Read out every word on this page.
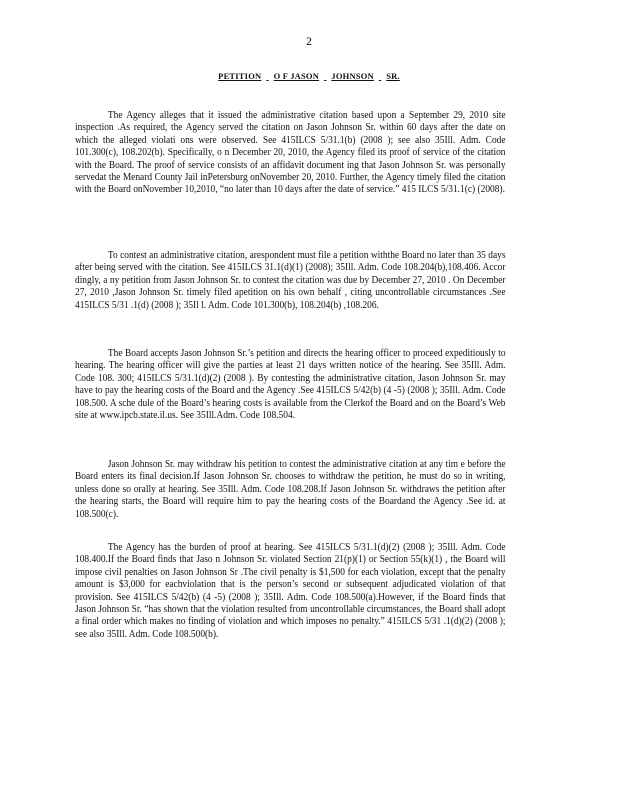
2
PETITION O F JASON JOHNSON SR.

The Agency alleges that it issued the administrative citation based upon a September 29, 2010 site inspection .As required, the Agency served the citation on Jason Johnson Sr. within 60 days after the date on which the alleged violati ons were observed. See 415ILCS 5/31.1(b) (2008 ); see also 35Ill. Adm. Code 101.300(c), 108.202(b). Specifically, o n December 20, 2010, the Agency filed its proof of service of the citation with the Board. The proof of service consists of an affidavit document ing that Jason Johnson Sr. was personally servedat the Menard County Jail inPetersburg onNovember 20, 2010. Further, the Agency timely filed the citation with the Board onNovember 10,2010, “no later than 10 days after the date of service.” 415 ILCS 5/31.1(c) (2008).

To contest an administrative citation, arespondent must file a petition withthe Board no later than 35 days after being served with the citation. See 415ILCS 31.1(d)(1) (2008); 35Ill. Adm. Code 108.204(b),108.406. Accor dingly, a ny petition from Jason Johnson Sr. to contest the citation was due by December 27, 2010 . On December 27, 2010 ,Jason Johnson Sr. timely filed apetition on his own behalf , citing uncontrollable circumstances .See 415ILCS 5/31 .1(d) (2008 ); 35Il l. Adm. Code 101.300(b), 108.204(b) ,108.206.

The Board accepts Jason Johnson Sr.’s petition and directs the hearing officer to proceed expeditiously to hearing. The hearing officer will give the parties at least 21 days written notice of the hearing. See 35Ill. Adm. Code 108. 300; 415ILCS 5/31.1(d)(2) (2008 ). By contesting the administrative citation, Jason Johnson Sr. may have to pay the hearing costs of the Board and the Agency .See 415ILCS 5/42(b) (4 -5) (2008 ); 35Ill. Adm. Code 108.500. A sche dule of the Board’s hearing costs is available from the Clerkof the Board and on the Board’s Web site at www.ipcb.state.il.us. See 35Ill.Adm. Code 108.504.

Jason Johnson Sr. may withdraw his petition to contest the administrative citation at any tim e before the Board enters its final decision.If Jason Johnson Sr. chooses to withdraw the petition, he must do so in writing, unless done so orally at hearing. See 35Ill. Adm. Code 108.208.If Jason Johnson Sr. withdraws the petition after the hearing starts, the Board will require him to pay the hearing costs of the Boardand the Agency .See id. at 108.500(c).

The Agency has the burden of proof at hearing. See 415ILCS 5/31.1(d)(2) (2008 ); 35Ill. Adm. Code 108.400.If the Board finds that Jaso n Johnson Sr. violated Section 21(p)(1) or Section 55(k)(1) , the Board will impose civil penalties on Jason Johnson Sr .The civil penalty is $1,500 for each violation, except that the penalty amount is $3,000 for eachviolation that is the person’s second or subsequent adjudicated violation of that provision. See 415ILCS 5/42(b) (4 -5) (2008 ); 35Ill. Adm. Code 108.500(a).However, if the Board finds that Jason Johnson Sr. “has shown that the violation resulted from uncontrollable circumstances, the Board shall adopt a final order which makes no finding of violation and which imposes no penalty.” 415ILCS 5/31 .1(d)(2) (2008 ); see also 35Ill. Adm. Code 108.500(b).
